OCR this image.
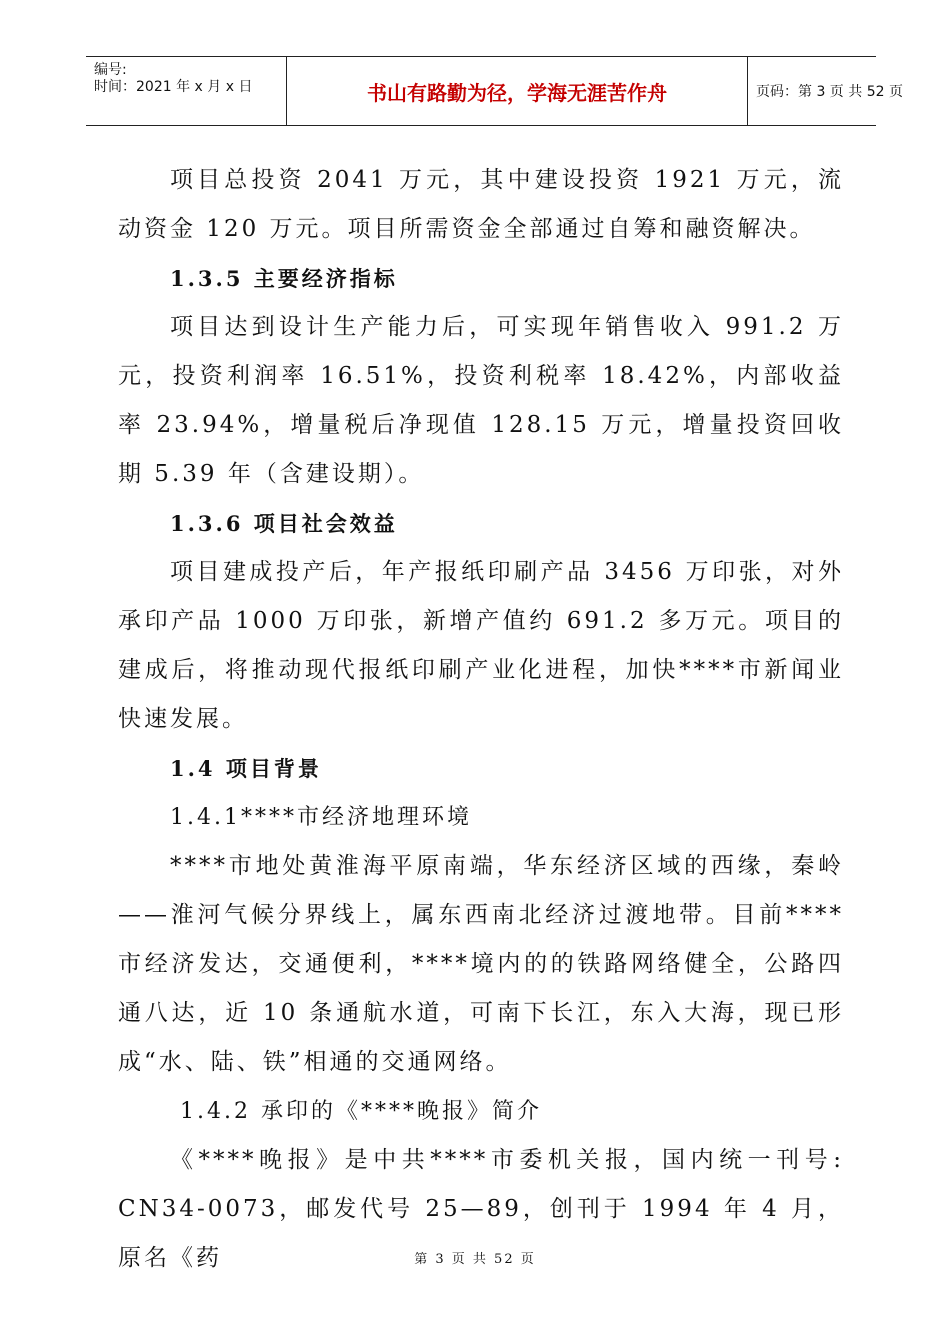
编号:
时间：2021 年 x 月 x 日	书山有路勤为径，学海无涯苦作舟	页码：第 3 页 共 52 页

项目总投资 2041 万元，其中建设投资 1921 万元，流动资金 120 万元。项目所需资金全部通过自筹和融资解决。

1.3.5 主要经济指标

项目达到设计生产能力后，可实现年销售收入 991.2 万元，投资利润率 16.51%，投资利税率 18.42%，内部收益率 23.94%，增量税后净现值 128.15 万元，增量投资回收期 5.39 年（含建设期）。

1.3.6 项目社会效益

项目建成投产后，年产报纸印刷产品 3456 万印张，对外承印产品 1000 万印张，新增产值约 691.2 多万元。项目的建成后，将推动现代报纸印刷产业化进程，加快****市新闻业快速发展。

1.4 项目背景

1.4.1****市经济地理环境

****市地处黄淮海平原南端，华东经济区域的西缘，秦岭——淮河气候分界线上，属东西南北经济过渡地带。目前****市经济发达，交通便利，****境内的的铁路网络健全，公路四通八达，近 10 条通航水道，可南下长江，东入大海，现已形成“水、陆、铁”相通的交通网络。

1.4.2 承印的《****晚报》简介

《****晚报》是中共****市委机关报，国内统一刊号: CN34-0073，邮发代号 25—89，创刊于 1994 年 4 月，原名《药	第 3 页 共 52 页
